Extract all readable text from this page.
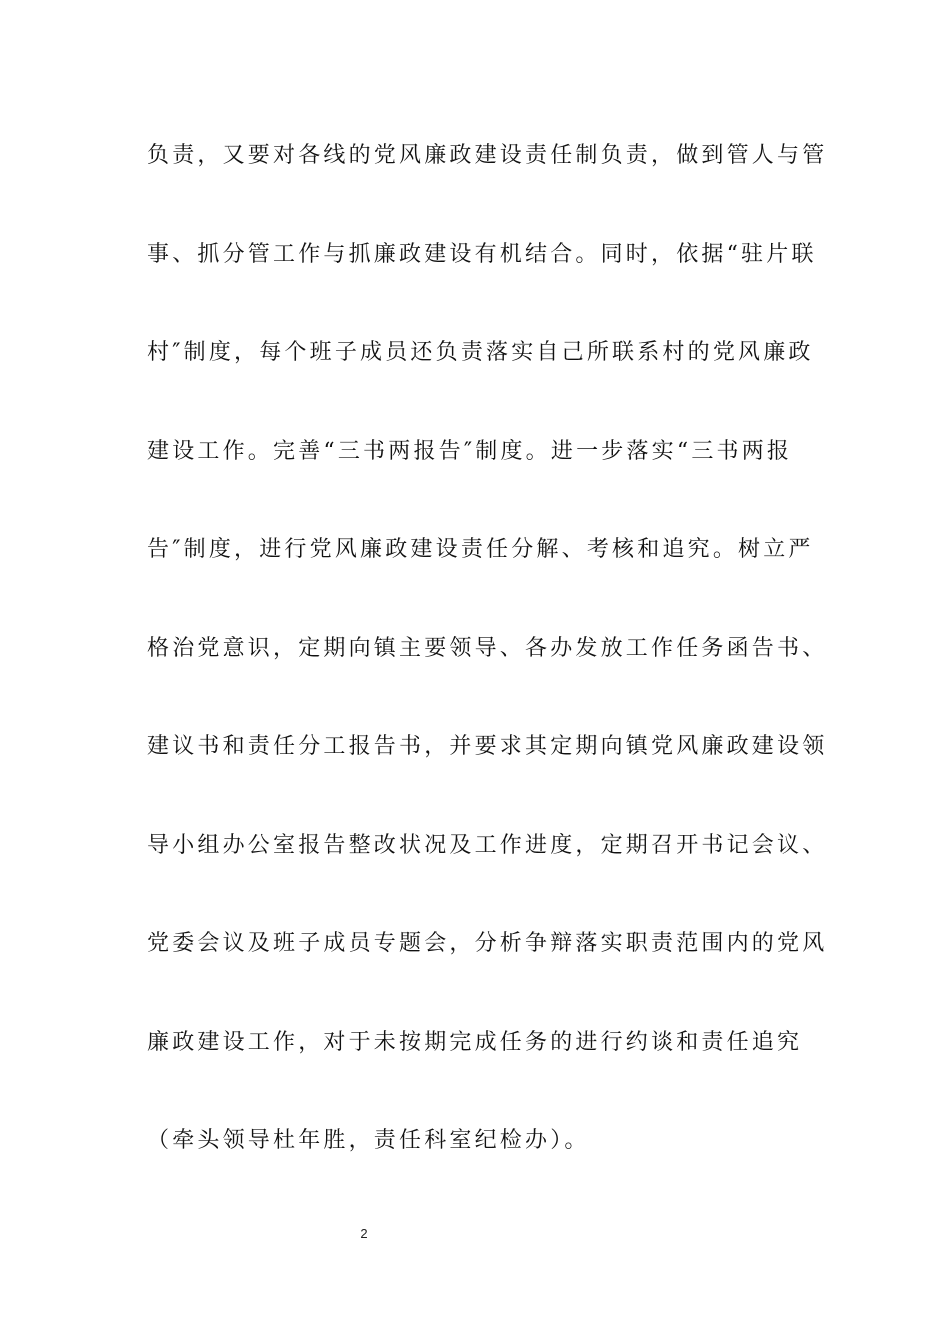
负责，又要对各线的党风廉政建设责任制负责，做到管人与管
事、抓分管工作与抓廉政建设有机结合。同时，依据“驻片联
村″制度，每个班子成员还负责落实自己所联系村的党风廉政
建设工作。完善“三书两报告″制度。进一步落实“三书两报
告″制度，进行党风廉政建设责任分解、考核和追究。树立严
格治党意识，定期向镇主要领导、各办发放工作任务函告书、
建议书和责任分工报告书，并要求其定期向镇党风廉政建设领
导小组办公室报告整改状况及工作进度，定期召开书记会议、
党委会议及班子成员专题会，分析争辩落实职责范围内的党风
廉政建设工作，对于未按期完成任务的进行约谈和责任追究
（牵头领导杜年胜，责任科室纪检办）。
2
